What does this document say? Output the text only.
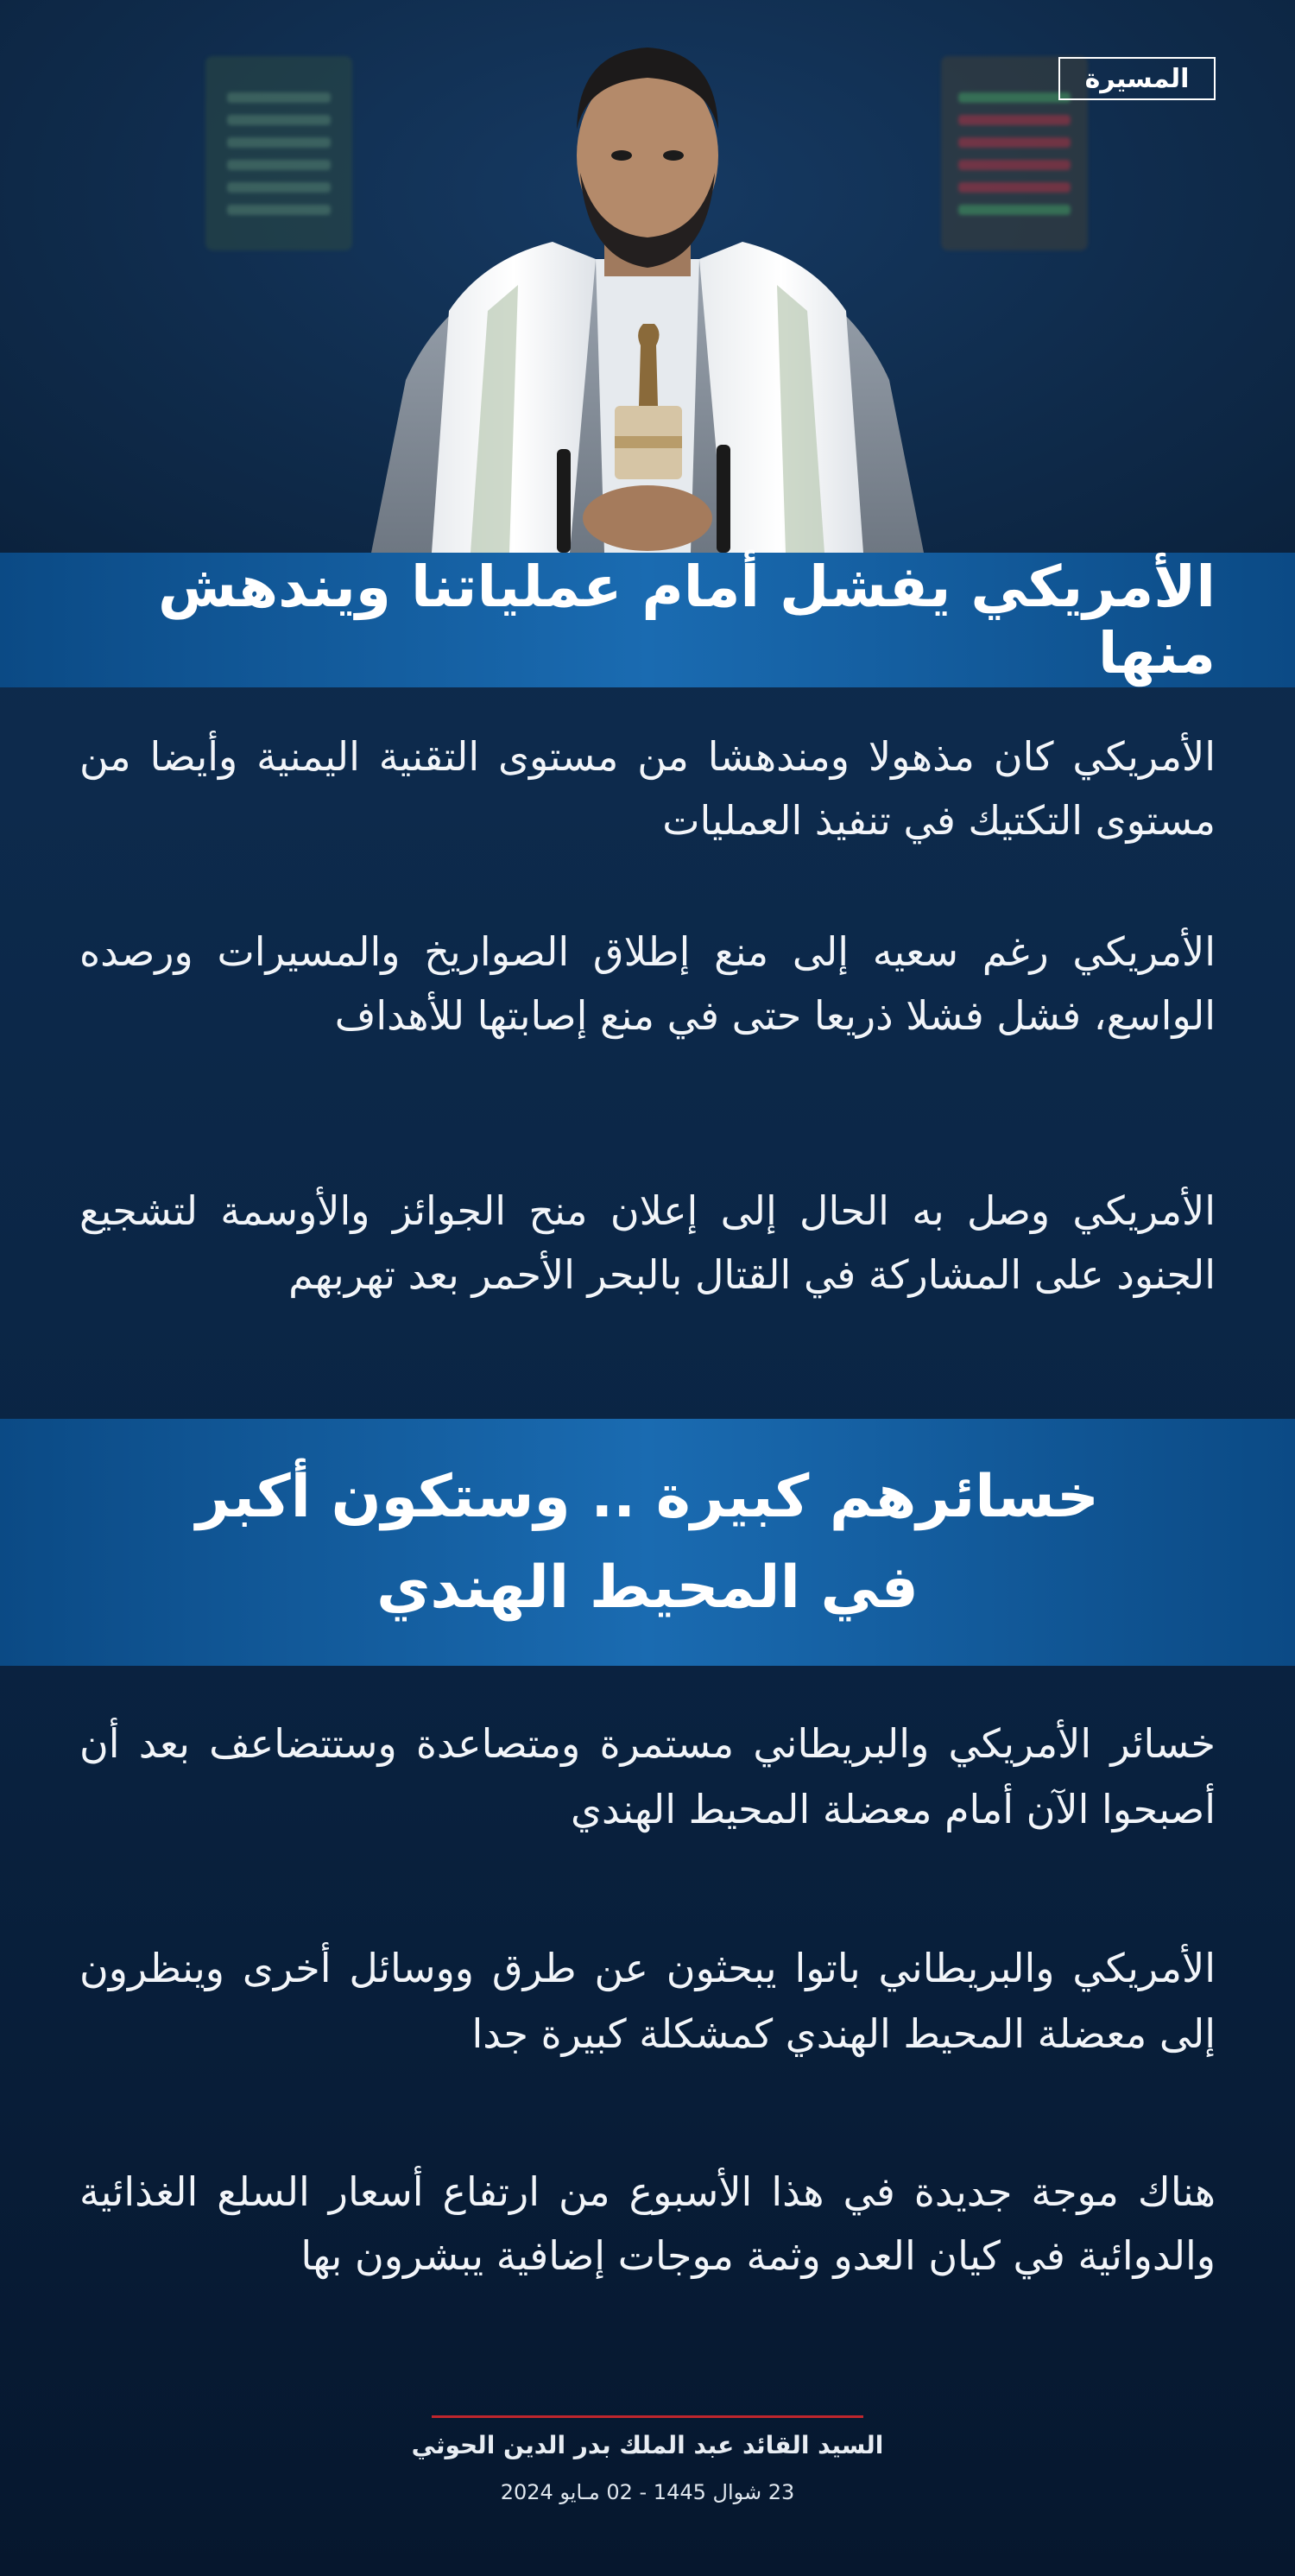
المسيرة
الأمريكي يفشل أمام عملياتنا ويندهش منها

الأمريكي كان مذهولا ومندهشا من مستوى التقنية اليمنية وأيضا من مستوى التكتيك في تنفيذ العمليات

الأمريكي رغم سعيه إلى منع إطلاق الصواريخ والمسيرات ورصده الواسع، فشل فشلا ذريعا حتى في منع إصابتها للأهداف

الأمريكي وصل به الحال إلى إعلان منح الجوائز والأوسمة لتشجيع الجنود على المشاركة في القتال بالبحر الأحمر بعد تهربهم

خسائرهم كبيرة .. وستكون أكبر
في المحيط الهندي

خسائر الأمريكي والبريطاني مستمرة ومتصاعدة وستتضاعف بعد أن أصبحوا الآن أمام معضلة المحيط الهندي

الأمريكي والبريطاني باتوا يبحثون عن طرق ووسائل أخرى وينظرون إلى معضلة المحيط الهندي كمشكلة كبيرة جدا

هناك موجة جديدة في هذا الأسبوع من ارتفاع أسعار السلع الغذائية والدوائية في كيان العدو وثمة موجات إضافية يبشرون بها

السيد القائد عبد الملك بدر الدين الحوثي
23 شوال 1445 - 02 مـايو 2024
